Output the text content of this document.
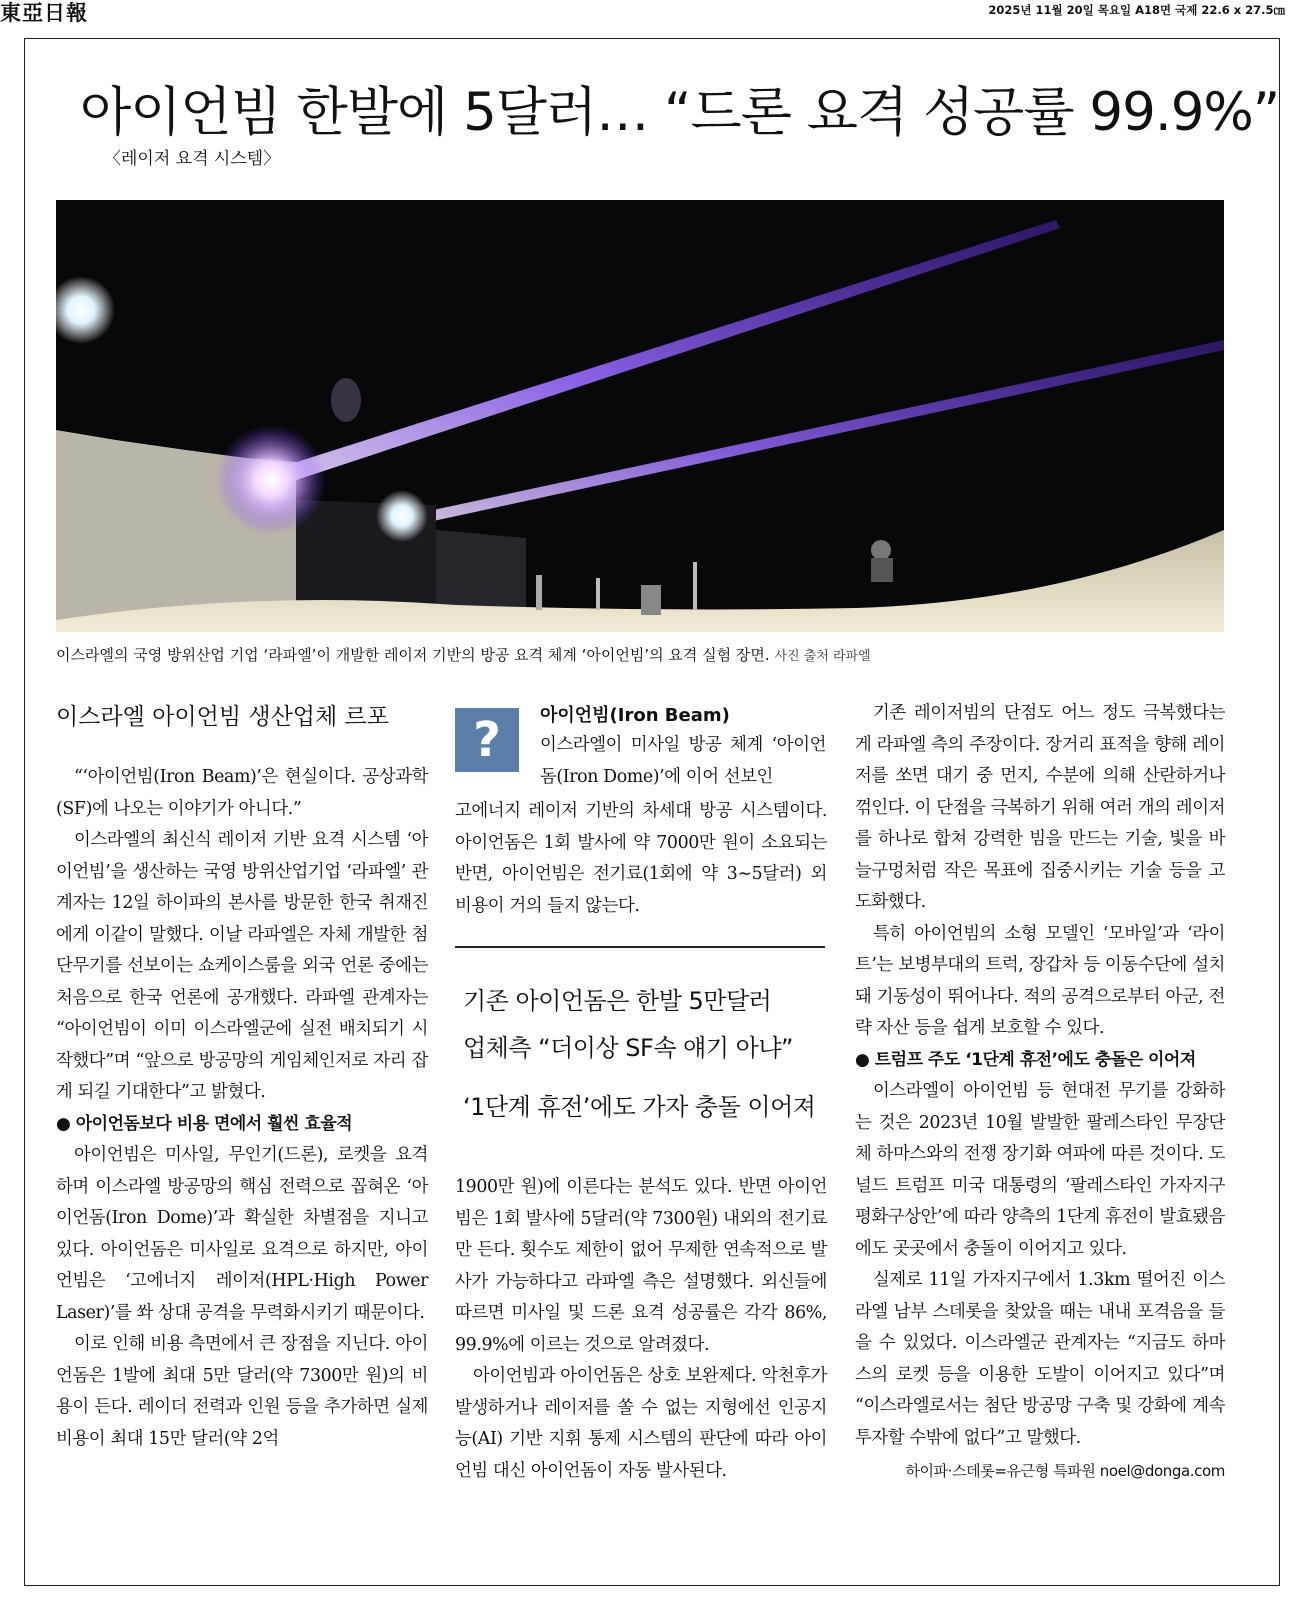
東亞日報	2025년 11월 20일 목요일 A18면 국제 22.6 x 27.5㎝
아이언빔 한발에 5달러… “드론 요격 성공률 99.9%”
〈레이저 요격 시스템〉
이스라엘의 국영 방위산업 기업 ‘라파엘’이 개발한 레이저 기반의 방공 요격 체계 ‘아이언빔’의 요격 실험 장면. 사진 출처 라파엘
이스라엘 아이언빔 생산업체 르포

“‘아이언빔(Iron Beam)’은 현실이다. 공상과학(SF)에 나오는 이야기가 아니다.”

이스라엘의 최신식 레이저 기반 요격 시스템 ‘아이언빔’을 생산하는 국영 방위산업기업 ‘라파엘’ 관계자는 12일 하이파의 본사를 방문한 한국 취재진에게 이같이 말했다. 이날 라파엘은 자체 개발한 첨단무기를 선보이는 쇼케이스룸을 외국 언론 중에는 처음으로 한국 언론에 공개했다. 라파엘 관계자는 “아이언빔이 이미 이스라엘군에 실전 배치되기 시작했다”며 “앞으로 방공망의 게임체인저로 자리 잡게 되길 기대한다”고 밝혔다.

● 아이언돔보다 비용 면에서 훨씬 효율적

아이언빔은 미사일, 무인기(드론), 로켓을 요격하며 이스라엘 방공망의 핵심 전력으로 꼽혀온 ‘아이언돔(Iron Dome)’과 확실한 차별점을 지니고 있다. 아이언돔은 미사일로 요격으로 하지만, 아이언빔은 ‘고에너지 레이저(HPL·High Power Laser)’를 쏴 상대 공격을 무력화시키기 때문이다.

이로 인해 비용 측면에서 큰 장점을 지닌다. 아이언돔은 1발에 최대 5만 달러(약 7300만 원)의 비용이 든다. 레이더 전력과 인원 등을 추가하면 실제 비용이 최대 15만 달러(약 2억

?	아이언빔(Iron Beam)
이스라엘이 미사일 방공 체계 ‘아이언돔(Iron Dome)’에 이어 선보인
고에너지 레이저 기반의 차세대 방공 시스템이다. 아이언돔은 1회 발사에 약 7000만 원이 소요되는 반면, 아이언빔은 전기료(1회에 약 3∼5달러) 외 비용이 거의 들지 않는다.
기존 아이언돔은 한발 5만달러
업체측 “더이상 SF속 얘기 아냐”
‘1단계 휴전’에도 가자 충돌 이어져

1900만 원)에 이른다는 분석도 있다. 반면 아이언빔은 1회 발사에 5달러(약 7300원) 내외의 전기료만 든다. 횟수도 제한이 없어 무제한 연속적으로 발사가 가능하다고 라파엘 측은 설명했다. 외신들에 따르면 미사일 및 드론 요격 성공률은 각각 86%, 99.9%에 이르는 것으로 알려졌다.

아이언빔과 아이언돔은 상호 보완제다. 악천후가 발생하거나 레이저를 쏠 수 없는 지형에선 인공지능(AI) 기반 지휘 통제 시스템의 판단에 따라 아이언빔 대신 아이언돔이 자동 발사된다.

기존 레이저빔의 단점도 어느 정도 극복했다는 게 라파엘 측의 주장이다. 장거리 표적을 향해 레이저를 쏘면 대기 중 먼지, 수분에 의해 산란하거나 꺾인다. 이 단점을 극복하기 위해 여러 개의 레이저를 하나로 합쳐 강력한 빔을 만드는 기술, 빛을 바늘구멍처럼 작은 목표에 집중시키는 기술 등을 고도화했다.

특히 아이언빔의 소형 모델인 ‘모바일’과 ‘라이트’는 보병부대의 트럭, 장갑차 등 이동수단에 설치돼 기동성이 뛰어나다. 적의 공격으로부터 아군, 전략 자산 등을 쉽게 보호할 수 있다.

● 트럼프 주도 ‘1단계 휴전’에도 충돌은 이어져

이스라엘이 아이언빔 등 현대전 무기를 강화하는 것은 2023년 10월 발발한 팔레스타인 무장단체 하마스와의 전쟁 장기화 여파에 따른 것이다. 도널드 트럼프 미국 대통령의 ‘팔레스타인 가자지구 평화구상안’에 따라 양측의 1단계 휴전이 발효됐음에도 곳곳에서 충돌이 이어지고 있다.

실제로 11일 가자지구에서 1.3km 떨어진 이스라엘 남부 스데롯을 찾았을 때는 내내 포격음을 들을 수 있었다. 이스라엘군 관계자는 “지금도 하마스의 로켓 등을 이용한 도발이 이어지고 있다”며 “이스라엘로서는 첨단 방공망 구축 및 강화에 계속 투자할 수밖에 없다”고 말했다.

하이파·스데롯=유근형 특파원 noel@donga.com
